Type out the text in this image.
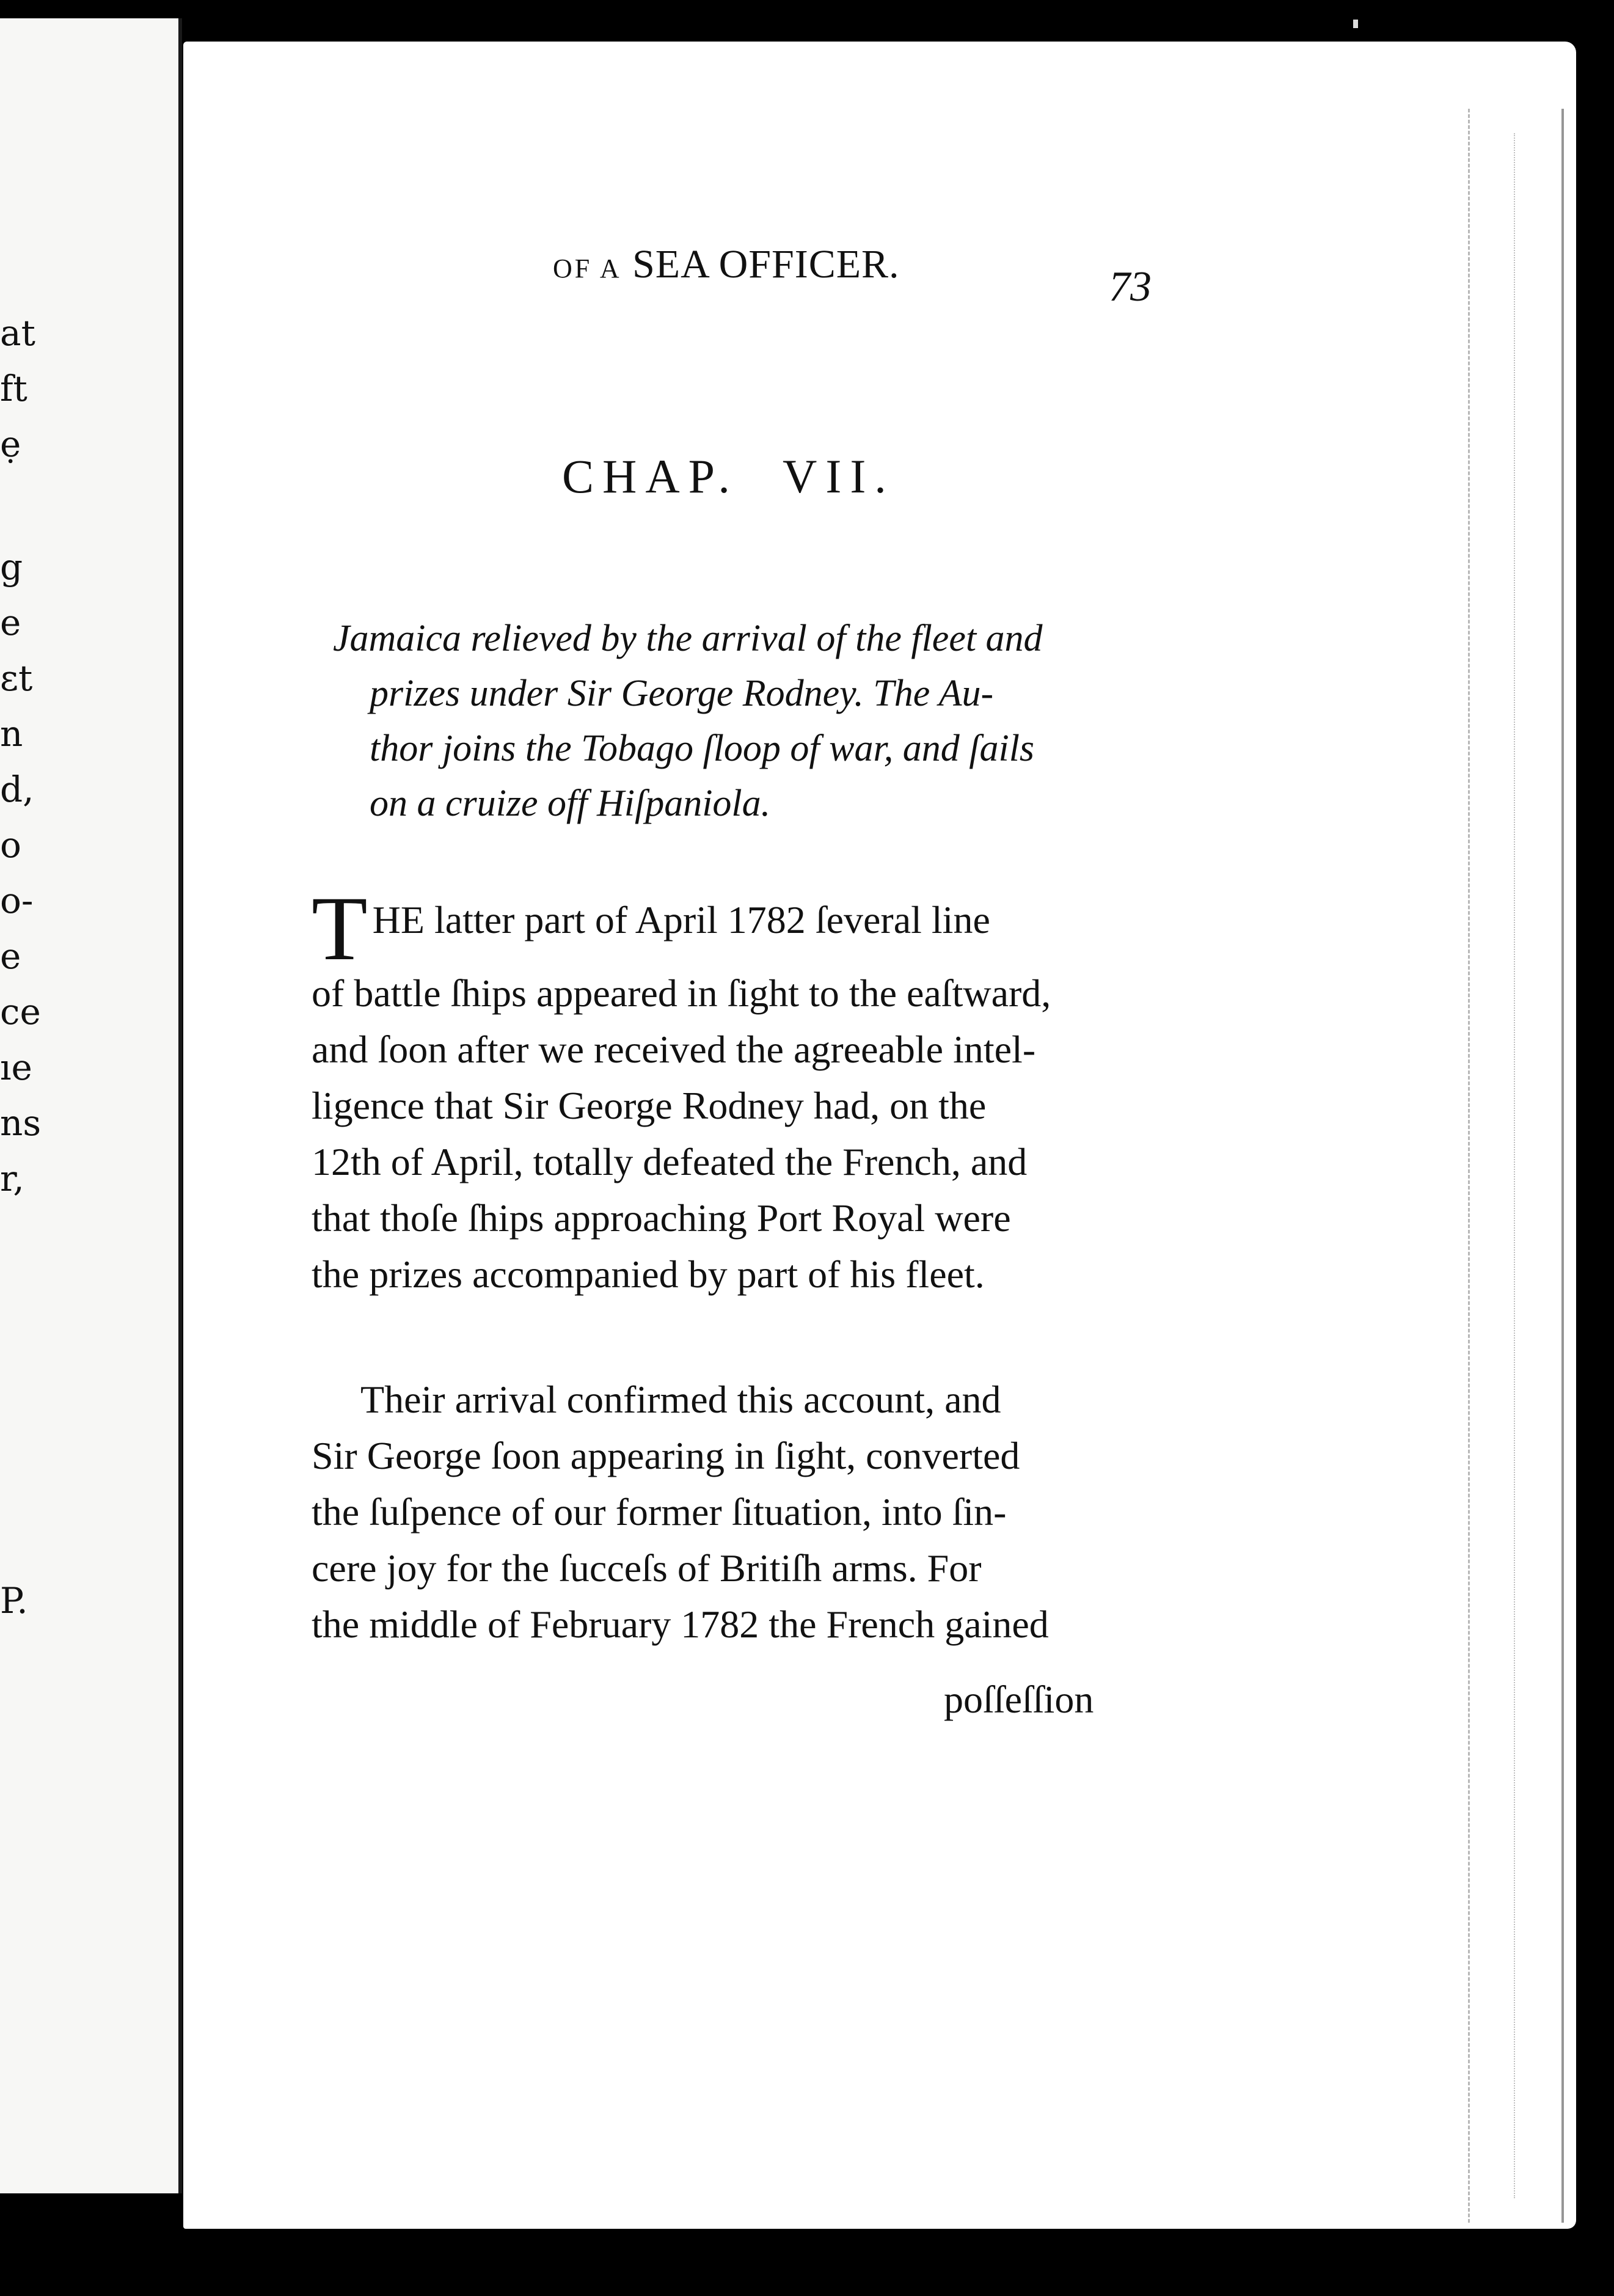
at
ft
ẹ
g
e
ɛt
n
d,
o
o-
e
ce
ıe
ns
r,
P.
OF A SEA OFFICER.	73
CHAP. VII.
Jamaica relieved by the arrival of the fleet and
prizes under Sir George Rodney. The Au-
thor joins the Tobago ſloop of war, and ſails
on a cruize off Hiſpaniola.
T HE latter part of April 1782 ſeveral line
of battle ſhips appeared in ſight to the eaſtward,
and ſoon after we received the agreeable intel-
ligence that Sir George Rodney had, on the
12th of April, totally defeated the French, and
that thoſe ſhips approaching Port Royal were
the prizes accompanied by part of his fleet.
Their arrival confirmed this account, and
Sir George ſoon appearing in ſight, converted
the ſuſpence of our former ſituation, into ſin-
cere joy for the ſucceſs of Britiſh arms. For
the middle of February 1782 the French gained
poſſeſſion
